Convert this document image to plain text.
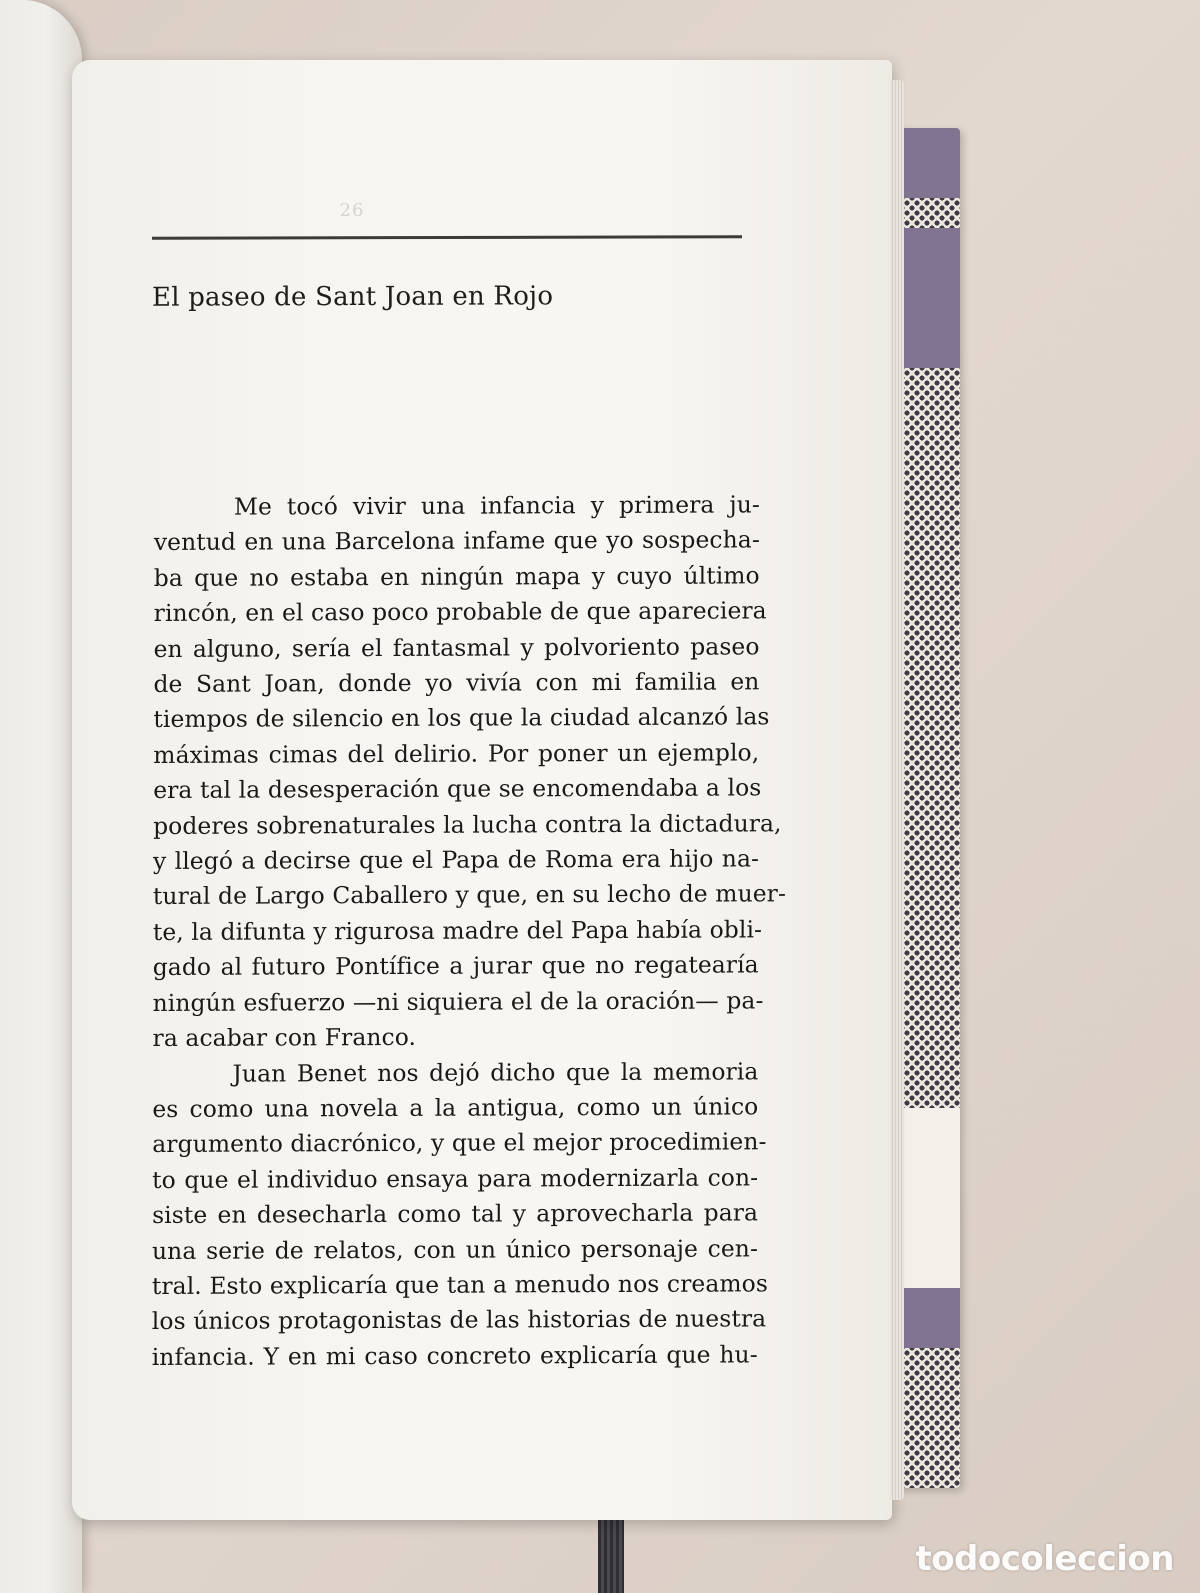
26
El paseo de Sant Joan en Rojo
Me tocó vivir una infancia y primera ju-
ventud en una Barcelona infame que yo sospecha-
ba que no estaba en ningún mapa y cuyo último
rincón, en el caso poco probable de que apareciera
en alguno, sería el fantasmal y polvoriento paseo
de Sant Joan, donde yo vivía con mi familia en
tiempos de silencio en los que la ciudad alcanzó las
máximas cimas del delirio. Por poner un ejemplo,
era tal la desesperación que se encomendaba a los
poderes sobrenaturales la lucha contra la dictadura,
y llegó a decirse que el Papa de Roma era hijo na-
tural de Largo Caballero y que, en su lecho de muer-
te, la difunta y rigurosa madre del Papa había obli-
gado al futuro Pontífice a jurar que no regatearía
ningún esfuerzo —ni siquiera el de la oración— pa-
ra acabar con Franco.
Juan Benet nos dejó dicho que la memoria
es como una novela a la antigua, como un único
argumento diacrónico, y que el mejor procedimien-
to que el individuo ensaya para modernizarla con-
siste en desecharla como tal y aprovecharla para
una serie de relatos, con un único personaje cen-
tral. Esto explicaría que tan a menudo nos creamos
los únicos protagonistas de las historias de nuestra
infancia. Y en mi caso concreto explicaría que hu-
todocoleccion
